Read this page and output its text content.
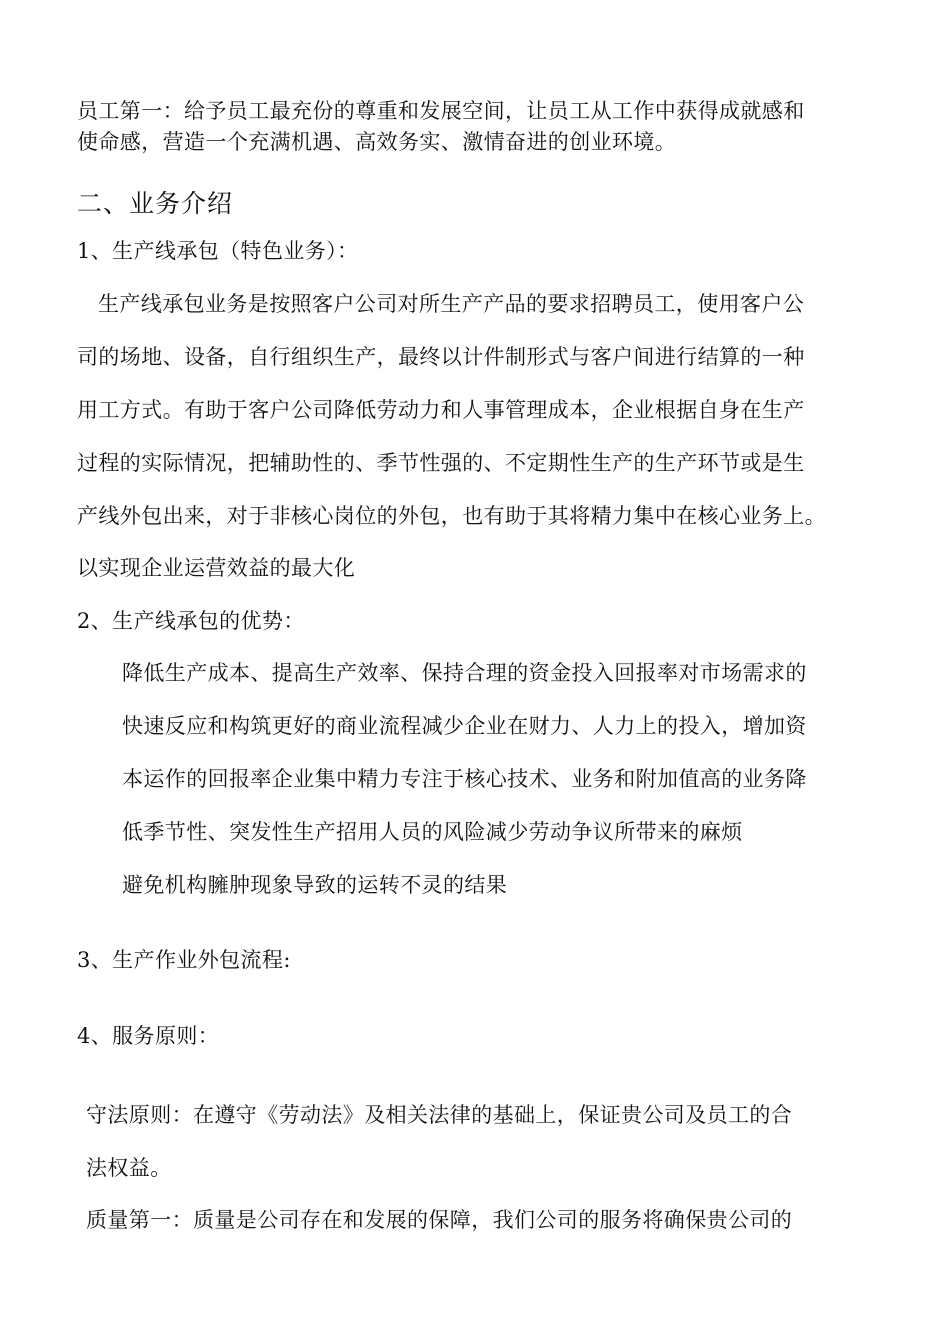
员工第一：给予员工最充份的尊重和发展空间，让员工从工作中获得成就感和
使命感，营造一个充满机遇、高效务实、激情奋进的创业环境。
二、业务介绍
1、生产线承包（特色业务）：
生产线承包业务是按照客户公司对所生产产品的要求招聘员工，使用客户公
司的场地、设备，自行组织生产，最终以计件制形式与客户间进行结算的一种
用工方式。有助于客户公司降低劳动力和人事管理成本，企业根据自身在生产
过程的实际情况，把辅助性的、季节性强的、不定期性生产的生产环节或是生
产线外包出来，对于非核心岗位的外包，也有助于其将精力集中在核心业务上。
以实现企业运营效益的最大化
2、生产线承包的优势：
降低生产成本、提高生产效率、保持合理的资金投入回报率对市场需求的
快速反应和构筑更好的商业流程减少企业在财力、人力上的投入，增加资
本运作的回报率企业集中精力专注于核心技术、业务和附加值高的业务降
低季节性、突发性生产招用人员的风险减少劳动争议所带来的麻烦
避免机构臃肿现象导致的运转不灵的结果
3、生产作业外包流程:
4、服务原则：
守法原则：在遵守《劳动法》及相关法律的基础上，保证贵公司及员工的合
法权益。
质量第一：质量是公司存在和发展的保障，我们公司的服务将确保贵公司的
